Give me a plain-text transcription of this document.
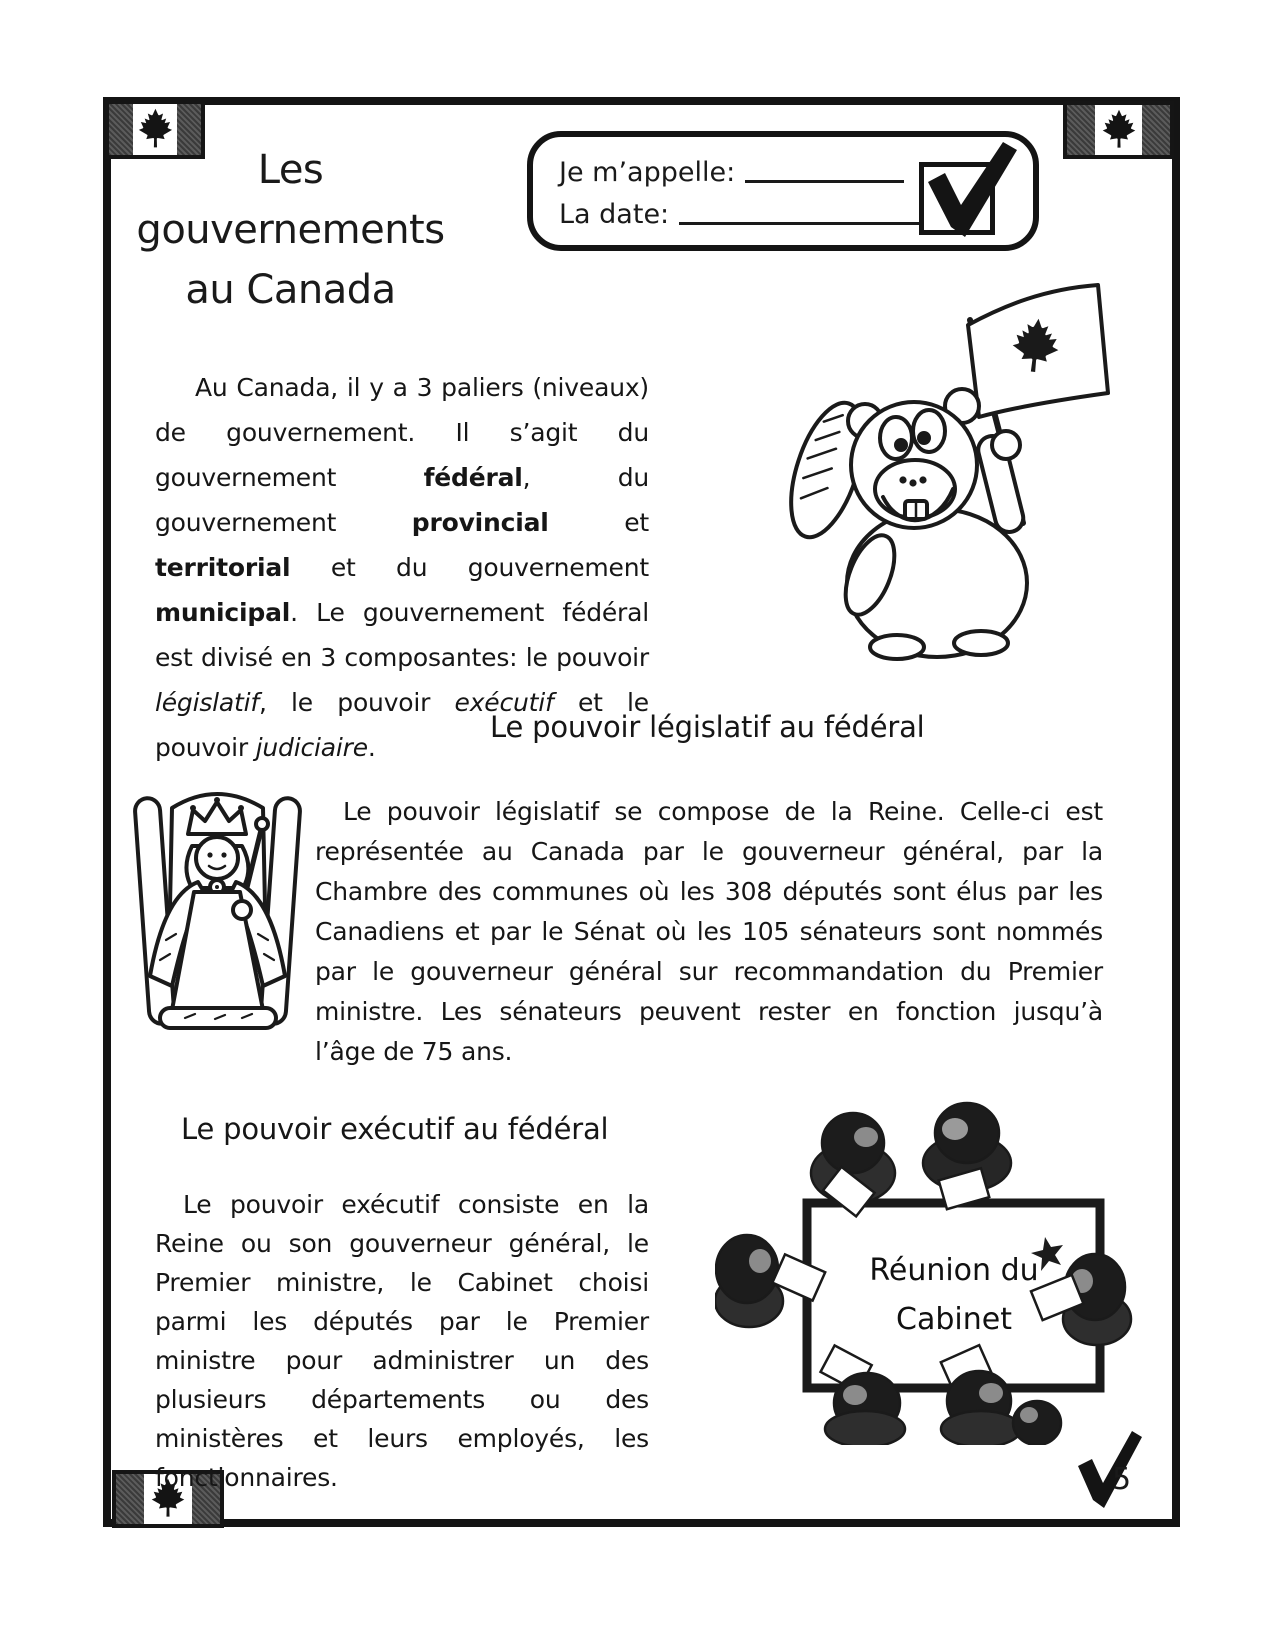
Les
gouvernements
au Canada
Je m’appelle:
La date:
Au Canada, il y a 3 paliers (niveaux) de gouvernement. Il s’agit du gouvernement fédéral, du gouvernement provincial et territorial et du gouvernement municipal. Le gouvernement fédéral est divisé en 3 composantes: le pouvoir législatif, le pouvoir exécutif et le pouvoir judiciaire.
Le pouvoir législatif au fédéral
Le pouvoir législatif se compose de la Reine. Celle-ci est représentée au Canada par le gouverneur général, par la Chambre des communes où les 308 députés sont élus par les Canadiens et par le Sénat où les 105 sénateurs sont nommés par le gouverneur général sur recommandation du Premier ministre. Les sénateurs peuvent rester en fonction jusqu’à l’âge de 75 ans.
Le pouvoir exécutif au fédéral
Le pouvoir exécutif consiste en la Reine ou son gouverneur général, le Premier ministre, le Cabinet choisi parmi les députés par le Premier ministre pour administrer un des plusieurs départements ou des ministères et leurs employés, les fonctionnaires.
Réunion du
Cabinet
5
